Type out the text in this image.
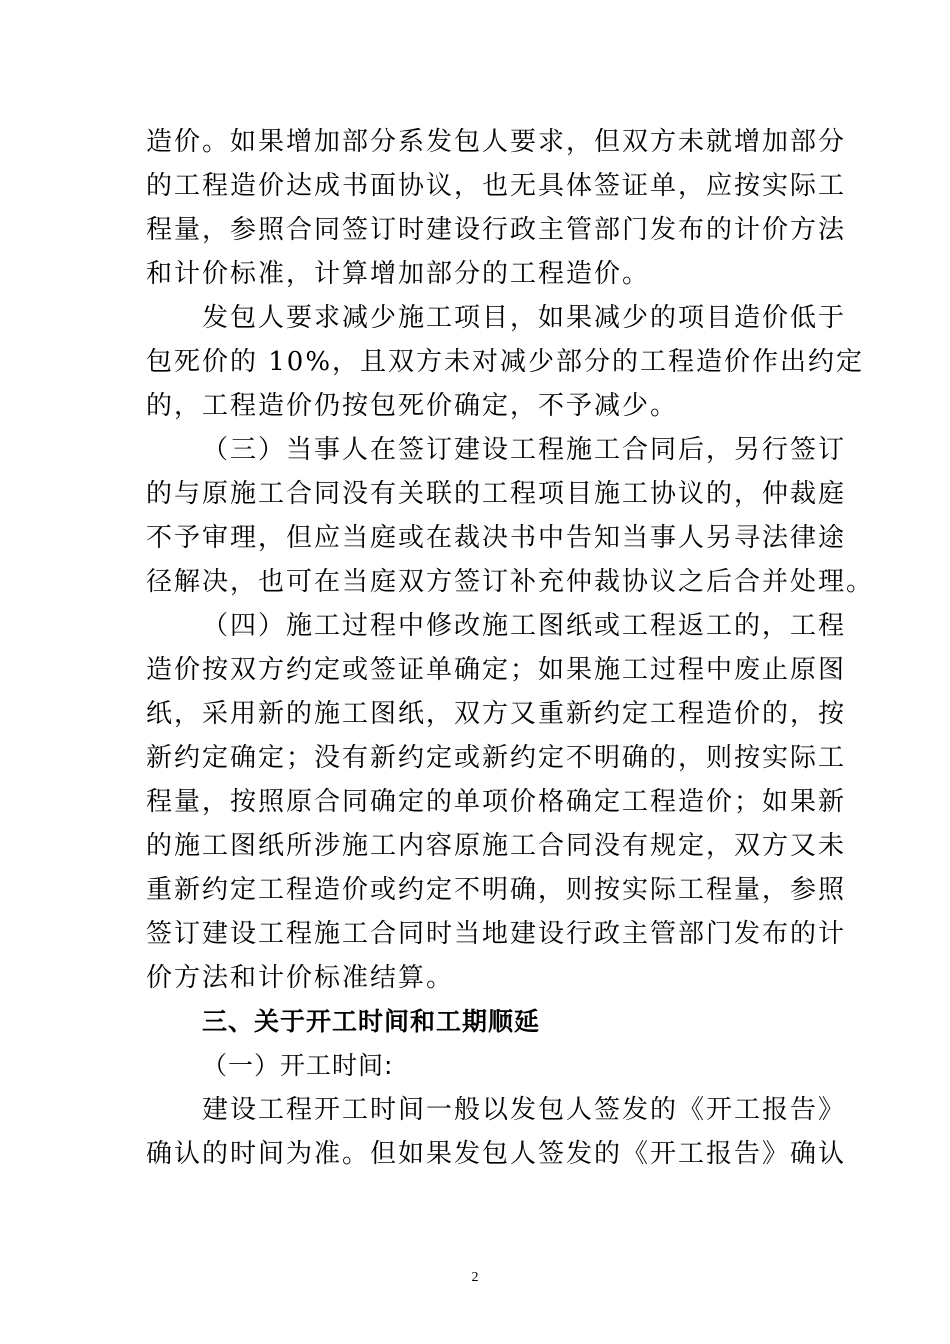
造价。如果增加部分系发包人要求，但双方未就增加部分
的工程造价达成书面协议，也无具体签证单，应按实际工
程量，参照合同签订时建设行政主管部门发布的计价方法
和计价标准，计算增加部分的工程造价。

发包人要求减少施工项目，如果减少的项目造价低于
包死价的 10%，且双方未对减少部分的工程造价作出约定
的，工程造价仍按包死价确定，不予减少。

（三）当事人在签订建设工程施工合同后，另行签订
的与原施工合同没有关联的工程项目施工协议的，仲裁庭
不予审理，但应当庭或在裁决书中告知当事人另寻法律途
径解决，也可在当庭双方签订补充仲裁协议之后合并处理。

（四）施工过程中修改施工图纸或工程返工的，工程
造价按双方约定或签证单确定；如果施工过程中废止原图
纸，采用新的施工图纸，双方又重新约定工程造价的，按
新约定确定；没有新约定或新约定不明确的，则按实际工
程量，按照原合同确定的单项价格确定工程造价；如果新
的施工图纸所涉施工内容原施工合同没有规定，双方又未
重新约定工程造价或约定不明确，则按实际工程量，参照
签订建设工程施工合同时当地建设行政主管部门发布的计
价方法和计价标准结算。

三、关于开工时间和工期顺延

（一）开工时间:

建设工程开工时间一般以发包人签发的《开工报告》
确认的时间为准。但如果发包人签发的《开工报告》确认

2
